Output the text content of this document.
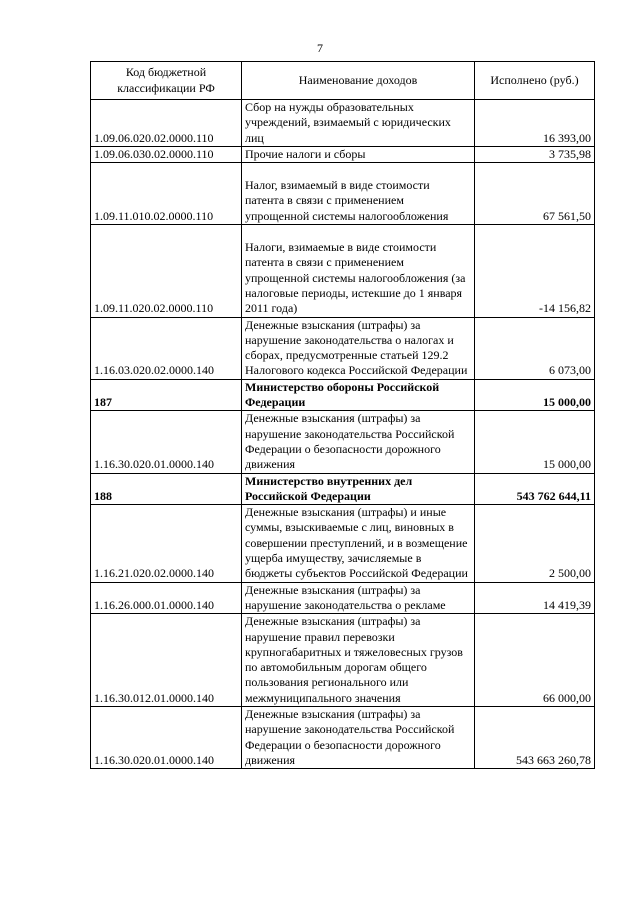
7
Код бюджетной классификации РФ	Наименование доходов	Исполнено (руб.)
1.09.06.020.02.0000.110	Сбор на нужды образовательных учреждений, взимаемый с юридических лиц	16 393,00
1.09.06.030.02.0000.110	Прочие налоги и сборы	3 735,98
1.09.11.010.02.0000.110	Налог, взимаемый в виде стоимости патента в связи с применением упрощенной системы налогообложения	67 561,50
1.09.11.020.02.0000.110	Налоги, взимаемые в виде стоимости патента в связи с применением упрощенной системы налогообложения (за налоговые периоды, истекшие до 1 января 2011 года)	-14 156,82
1.16.03.020.02.0000.140	Денежные взыскания (штрафы) за нарушение законодательства о налогах и сборах, предусмотренные статьей 129.2 Налогового кодекса Российской Федерации	6 073,00
187	Министерство обороны Российской Федерации	15 000,00
1.16.30.020.01.0000.140	Денежные взыскания (штрафы) за нарушение законодательства Российской Федерации о безопасности дорожного движения	15 000,00
188	Министерство внутренних дел Российской Федерации	543 762 644,11
1.16.21.020.02.0000.140	Денежные взыскания (штрафы) и иные суммы, взыскиваемые с лиц, виновных в совершении преступлений, и в возмещение ущерба имуществу, зачисляемые в бюджеты субъектов Российской Федерации	2 500,00
1.16.26.000.01.0000.140	Денежные взыскания (штрафы) за нарушение законодательства о рекламе	14 419,39
1.16.30.012.01.0000.140	Денежные взыскания (штрафы) за нарушение правил перевозки крупногабаритных и тяжеловесных грузов по автомобильным дорогам общего пользования регионального или межмуниципального значения	66 000,00
1.16.30.020.01.0000.140	Денежные взыскания (штрафы) за нарушение законодательства Российской Федерации о безопасности дорожного движения	543 663 260,78
